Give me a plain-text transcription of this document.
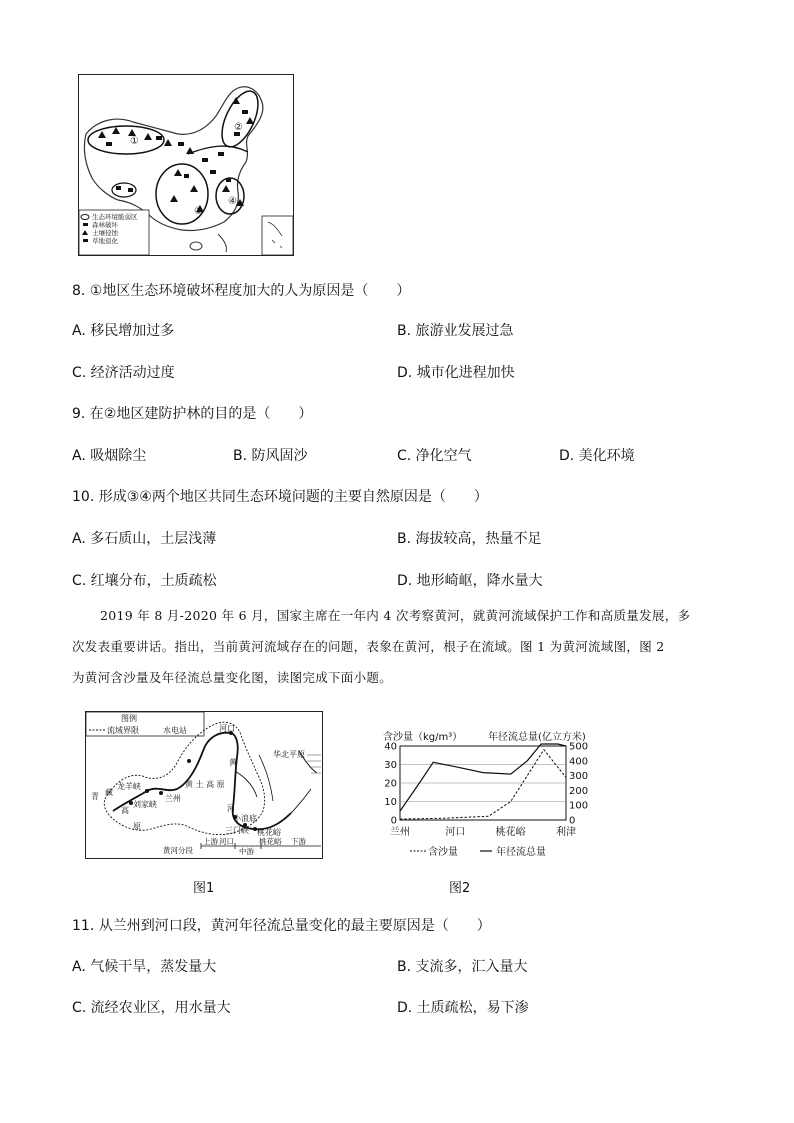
①
②
③
④
生态环境脆弱区
森林破坏
土壤侵蚀
草地退化
8. ①地区生态环境破坏程度加大的人为原因是（　　）
A. 移民增加过多	B. 旅游业发展过急
C. 经济活动过度	D. 城市化进程加快
9. 在②地区建防护林的目的是（　　）
A. 吸烟除尘	B. 防风固沙	C. 净化空气	D. 美化环境
10. 形成③④两个地区共同生态环境问题的主要自然原因是（　　）
A. 多石质山，土层浅薄	B. 海拔较高，热量不足
C. 红壤分布，土质疏松	D. 地形崎岖，降水量大
2019 年 8 月-2020 年 6 月，国家主席在一年内 4 次考察黄河，就黄河流域保护工作和高质量发展，多
次发表重要讲话。指出，当前黄河流域存在的问题，表象在黄河，根子在流域。图 1 为黄河流域图，图 2
为黄河含沙量及年径流总量变化图，读图完成下面小题。
图例
流域界限	水电站	河口
黄
华北平原
青
龙羊峡
藏
高
原
刘家峡
兰州
黄 土 高 原
河
小浪底
三门峡 桃花峪
黄河分段
上游 河口
中游
桃花峪 下游
图1
含沙量（kg/m³）	年径流总量(亿立方米)
0
10
20
30
40
0
100
200
300
400
500
兰州	河口	桃花峪	利津
含沙量	年径流总量
图2
11. 从兰州到河口段，黄河年径流总量变化的最主要原因是（　　）
A. 气候干旱，蒸发量大	B. 支流多，汇入量大
C. 流经农业区，用水量大	D. 土质疏松，易下渗
